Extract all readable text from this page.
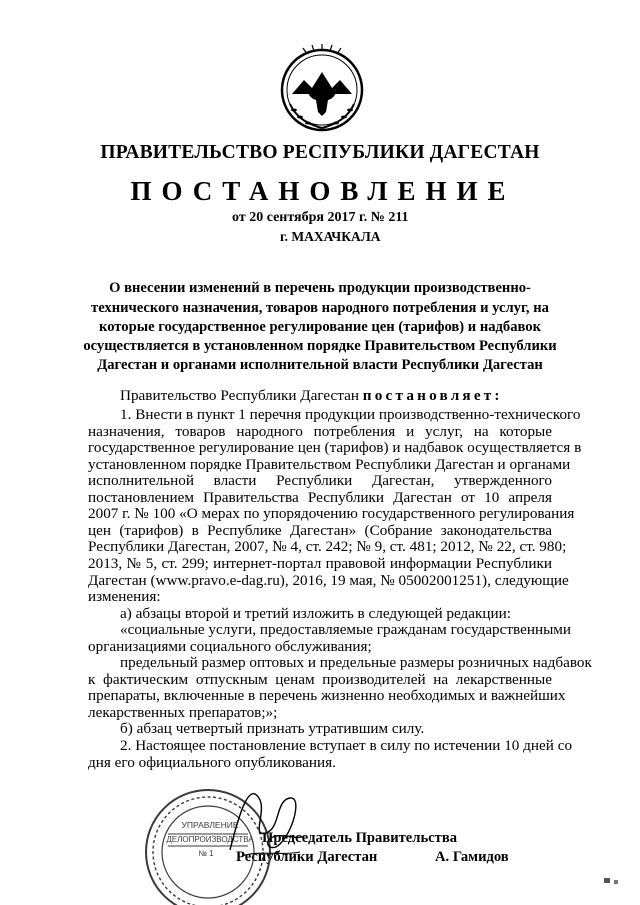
ПРАВИТЕЛЬСТВО РЕСПУБЛИКИ ДАГЕСТАН
ПОСТАНОВЛЕНИЕ
от 20 сентября 2017 г. № 211
г. МАХАЧКАЛА
О внесении изменений в перечень продукции производственно-
технического назначения, товаров народного потребления и услуг, на
которые государственное регулирование цен (тарифов) и надбавок
осуществляется в установленном порядке Правительством Республики
Дагестан и органами исполнительной власти Республики Дагестан
Правительство Республики Дагестан постановляет:
1. Внести в пункт 1 перечня продукции производственно-технического
назначения, товаров народного потребления и услуг, на которые
государственное регулирование цен (тарифов) и надбавок осуществляется в
установленном порядке Правительством Республики Дагестан и органами
исполнительной власти Республики Дагестан, утвержденного
постановлением Правительства Республики Дагестан от 10 апреля
2007 г. № 100 «О мерах по упорядочению государственного регулирования
цен (тарифов) в Республике Дагестан» (Собрание законодательства
Республики Дагестан, 2007, № 4, ст. 242; № 9, ст. 481; 2012, № 22, ст. 980;
2013, № 5, ст. 299; интернет-портал правовой информации Республики
Дагестан (www.pravo.e-dag.ru), 2016, 19 мая, № 05002001251), следующие
изменения:
а) абзацы второй и третий изложить в следующей редакции:
«социальные услуги, предоставляемые гражданам государственными
организациями социального обслуживания;
предельный размер оптовых и предельные размеры розничных надбавок
к фактическим отпускным ценам производителей на лекарственные
препараты, включенные в перечень жизненно необходимых и важнейших
лекарственных препаратов;»;
б) абзац четвертый признать утратившим силу.
2. Настоящее постановление вступает в силу по истечении 10 дней со
дня его официального опубликования.
Председатель Правительства
Республики Дагестан	А. Гамидов
УПРАВЛЕНИЕ
ДЕЛОПРОИЗВОДСТВА
№ 1
